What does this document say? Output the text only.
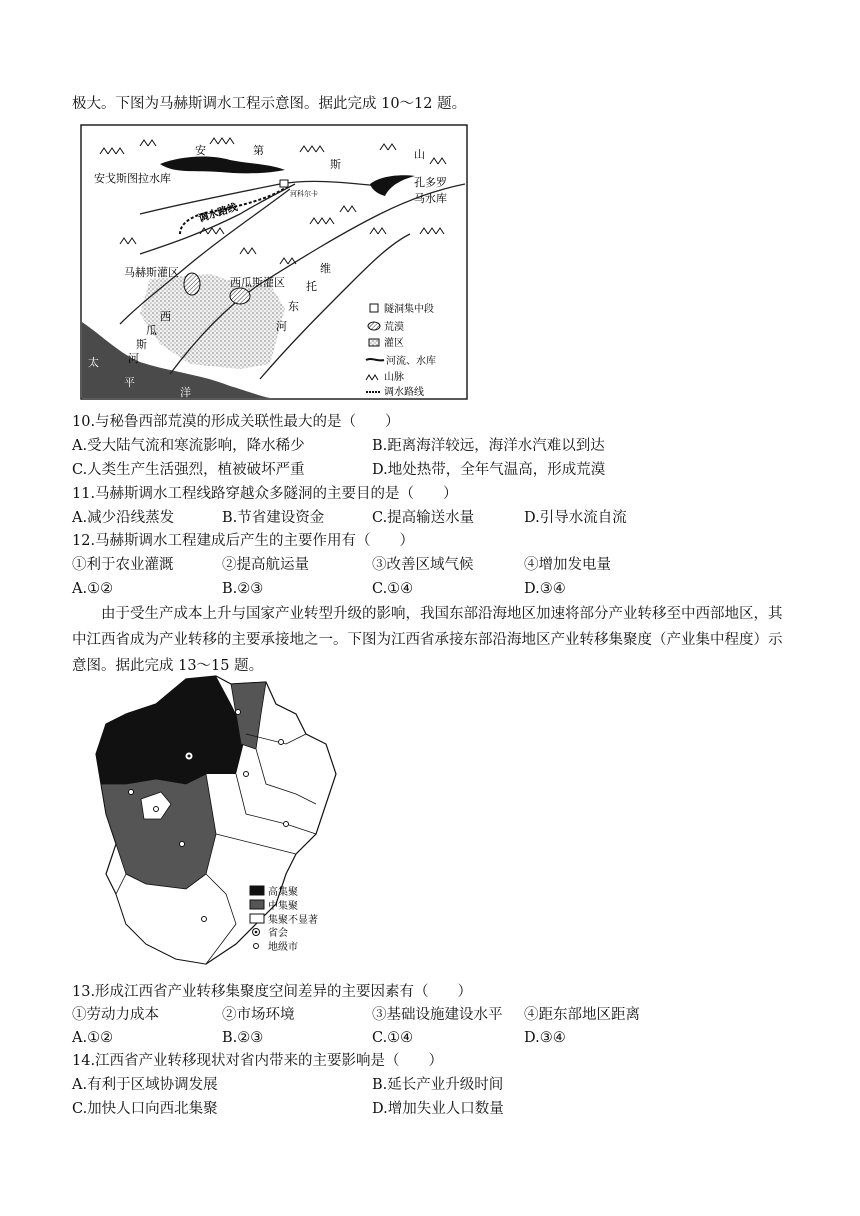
极大。下图为马赫斯调水工程示意图。据此完成 10～12 题。
安	第
斯
山
安戈斯图拉水库
河科尔卡
孔多罗
马水库
调水路线
马赫斯灌区
西瓜斯灌区
维
托
东
河
西
瓜
斯
河
太
平
洋
隧洞集中段
荒漠
灌区
河流、水库
山脉
调水路线
10.与秘鲁西部荒漠的形成关联性最大的是（　　）
A.受大陆气流和寒流影响，降水稀少	B.距离海洋较远，海洋水汽难以到达
C.人类生产生活强烈，植被破坏严重	D.地处热带，全年气温高，形成荒漠
11.马赫斯调水工程线路穿越众多隧洞的主要目的是（　　）
A.减少沿线蒸发	B.节省建设资金	C.提高输送水量	D.引导水流自流
12.马赫斯调水工程建成后产生的主要作用有（　　）
①利于农业灌溉	②提高航运量	③改善区域气候	④增加发电量
A.①②	B.②③	C.①④	D.③④
由于受生产成本上升与国家产业转型升级的影响，我国东部沿海地区加速将部分产业转移至中西部地区，其中江西省成为产业转移的主要承接地之一。下图为江西省承接东部沿海地区产业转移集聚度（产业集中程度）示意图。据此完成 13～15 题。
高集聚
中集聚
集聚不显著
省会
地级市
13.形成江西省产业转移集聚度空间差异的主要因素有（　　）
①劳动力成本	②市场环境	③基础设施建设水平 ④距东部地区距离
A.①②	B.②③	C.①④	D.③④
14.江西省产业转移现状对省内带来的主要影响是（　　）
A.有利于区域协调发展	B.延长产业升级时间
C.加快人口向西北集聚	D.增加失业人口数量
